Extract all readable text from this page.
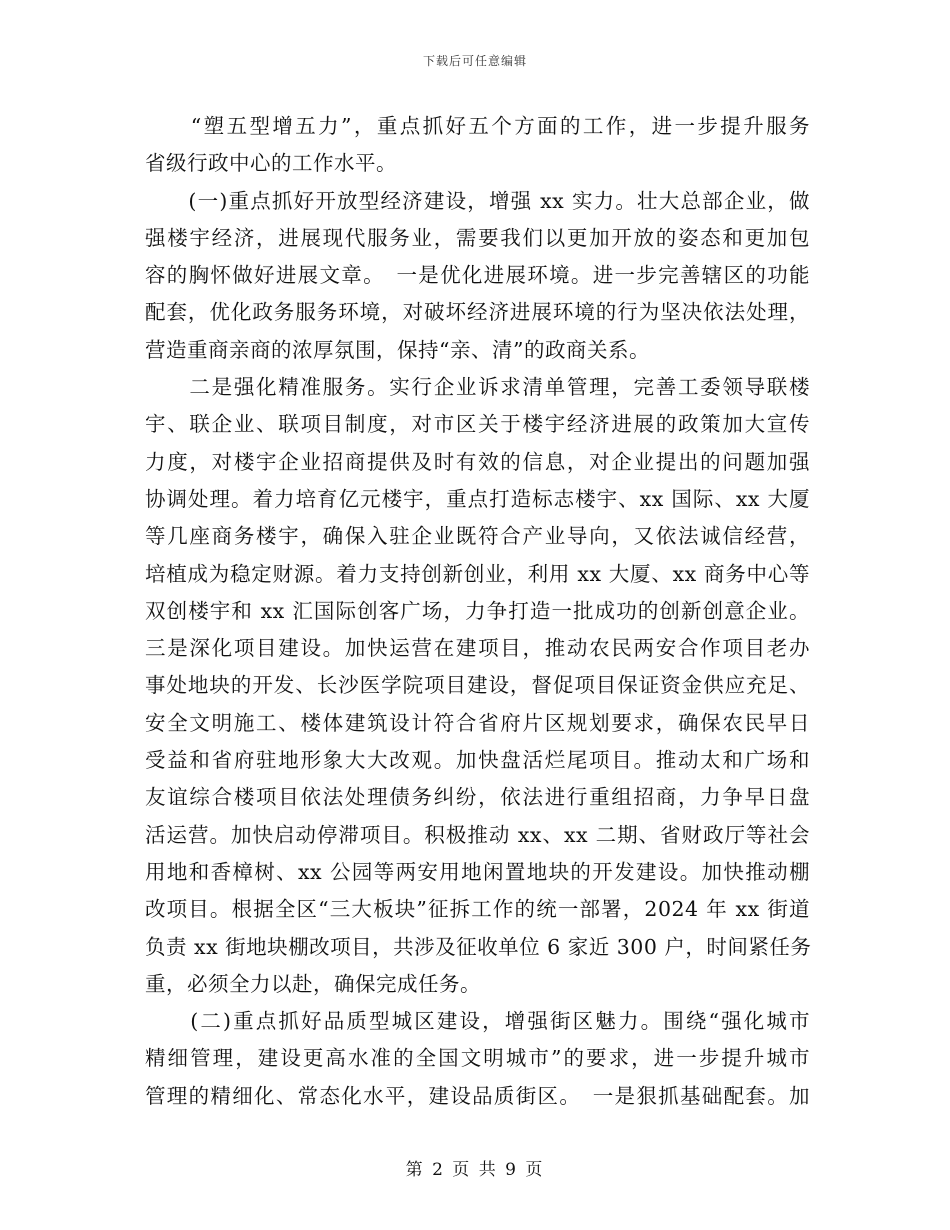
下载后可任意编辑
　　“塑五型增五力”，重点抓好五个方面的工作，进一步提升服务
省级行政中心的工作水平。
　　(一)重点抓好开放型经济建设，增强 xx 实力。壮大总部企业，做
强楼宇经济，进展现代服务业，需要我们以更加开放的姿态和更加包
容的胸怀做好进展文章。　一是优化进展环境。进一步完善辖区的功能
配套，优化政务服务环境，对破坏经济进展环境的行为坚决依法处理，
营造重商亲商的浓厚氛围，保持“亲、清”的政商关系。
　　二是强化精准服务。实行企业诉求清单管理，完善工委领导联楼
宇、联企业、联项目制度，对市区关于楼宇经济进展的政策加大宣传
力度，对楼宇企业招商提供及时有效的信息，对企业提出的问题加强
协调处理。着力培育亿元楼宇，重点打造标志楼宇、xx 国际、xx 大厦
等几座商务楼宇，确保入驻企业既符合产业导向，又依法诚信经营，
培植成为稳定财源。着力支持创新创业，利用 xx 大厦、xx 商务中心等
双创楼宇和 xx 汇国际创客广场，力争打造一批成功的创新创意企业。
三是深化项目建设。加快运营在建项目，推动农民两安合作项目老办
事处地块的开发、长沙医学院项目建设，督促项目保证资金供应充足、
安全文明施工、楼体建筑设计符合省府片区规划要求，确保农民早日
受益和省府驻地形象大大改观。加快盘活烂尾项目。推动太和广场和
友谊综合楼项目依法处理债务纠纷，依法进行重组招商，力争早日盘
活运营。加快启动停滞项目。积极推动 xx、xx 二期、省财政厅等社会
用地和香樟树、xx 公园等两安用地闲置地块的开发建设。加快推动棚
改项目。根据全区“三大板块”征拆工作的统一部署，2024 年 xx 街道
负责 xx 街地块棚改项目，共涉及征收单位 6 家近 300 户，时间紧任务
重，必须全力以赴，确保完成任务。
　　(二)重点抓好品质型城区建设，增强街区魅力。围绕“强化城市
精细管理，建设更高水准的全国文明城市”的要求，进一步提升城市
管理的精细化、常态化水平，建设品质街区。　一是狠抓基础配套。加
第 2 页 共 9 页
